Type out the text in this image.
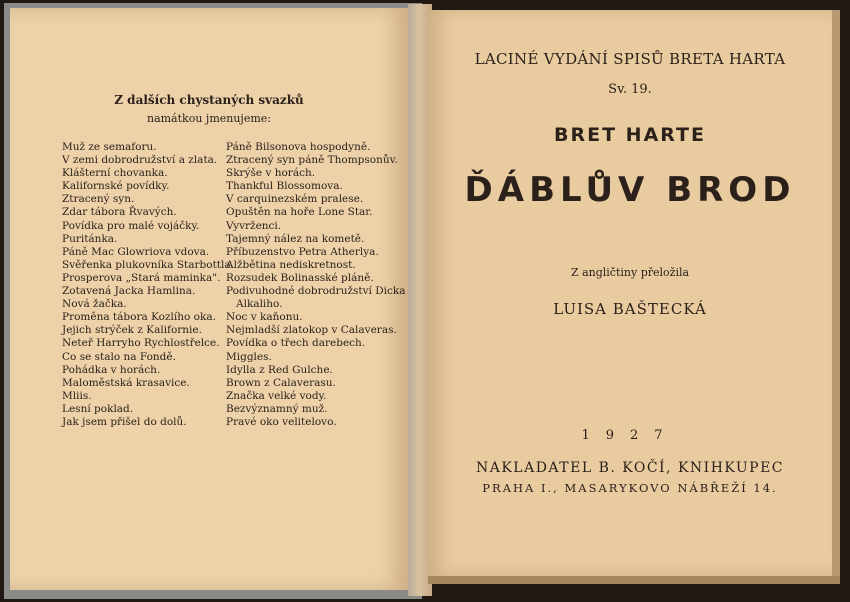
Z dalších chystaných svazků
namátkou jmenujeme:
Muž ze semaforu.
V zemi dobrodružství a zlata.
Klášterní chovanka.
Kalifornské povídky.
Ztracený syn.
Zdar tábora Řvavých.
Povídka pro malé vojáčky.
Puritánka.
Páně Mac Glowriova vdova.
Svěřenka plukovníka Starbottla.
Prosperova „Stará maminka".
Zotavená Jacka Hamlina.
Nová žačka.
Proměna tábora Kozlího oka.
Jejich strýček z Kalifornie.
Neteř Harryho Rychlostřelce.
Co se stalo na Fondě.
Pohádka v horách.
Maloměstská krasavice.
Mliis.
Lesní poklad.
Jak jsem přišel do dolů.
Páně Bilsonova hospodyně.
Ztracený syn páně Thompsonův.
Skrýše v horách.
Thankful Blossomova.
V carquinezském pralese.
Opuštěn na hoře Lone Star.
Vyvrženci.
Tajemný nález na kometě.
Příbuzenstvo Petra Atherlya.
Alžbětina nediskretnost.
Rozsudek Bolinasské pláně.
Podivuhodné dobrodružství Dicka
Alkaliho.
Noc v kaňonu.
Nejmladší zlatokop v Calaveras.
Povídka o třech darebech.
Miggles.
Idylla z Red Gulche.
Brown z Calaverasu.
Značka velké vody.
Bezvýznamný muž.
Pravé oko velitelovo.
LACINÉ VYDÁNÍ SPISŮ BRETA HARTA
Sv. 19.
BRET HARTE
ĎÁBLŮV BROD
Z angličtiny přeložila
LUISA BAŠTECKÁ
1927
NAKLADATEL B. KOČÍ, KNIHKUPEC
PRAHA I., MASARYKOVO NÁBŘEŽÍ 14.
